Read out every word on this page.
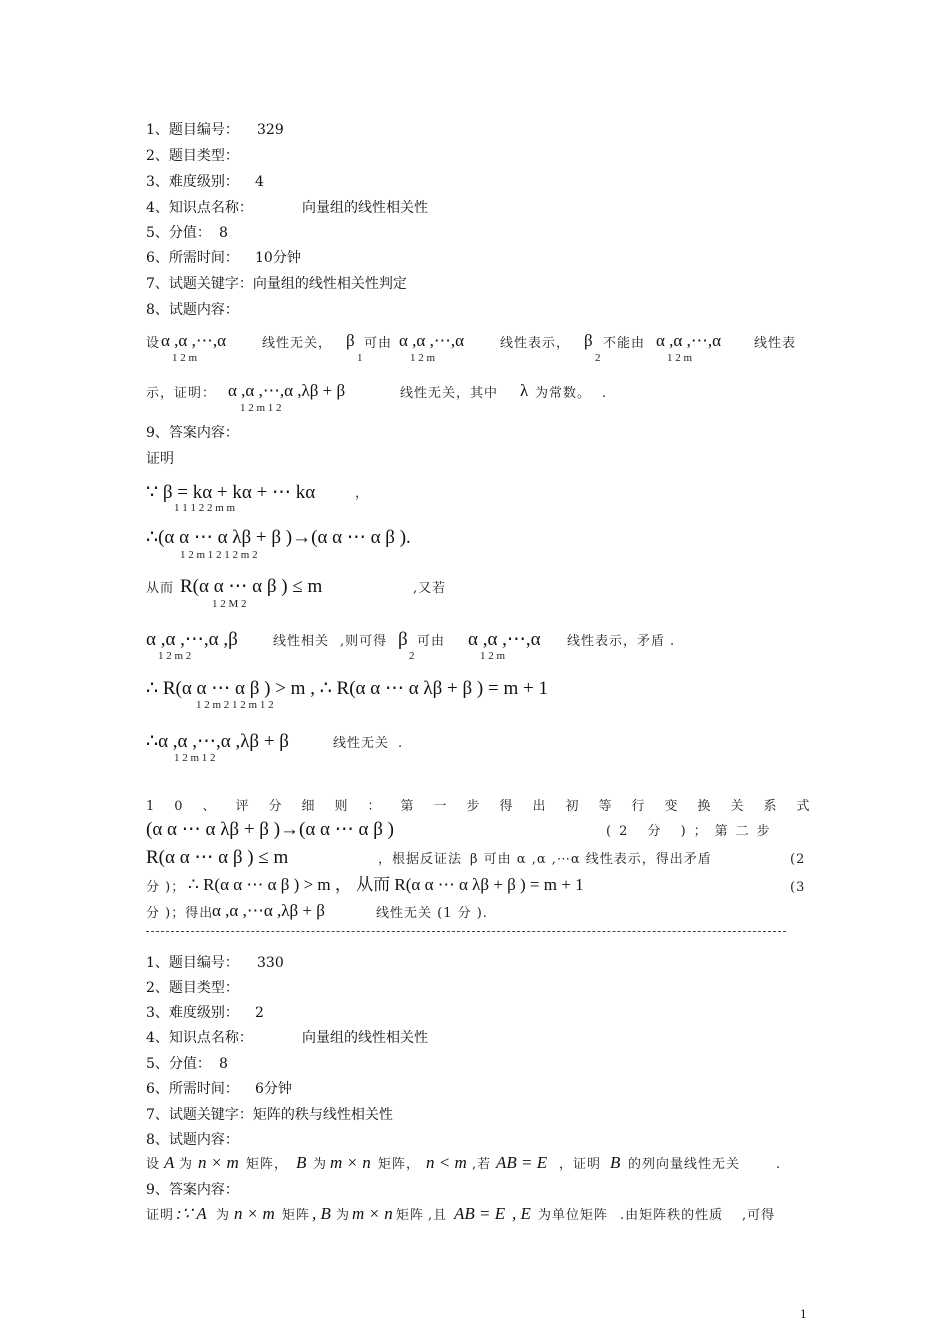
1、题目编号： 329
2、题目类型：
3、难度级别： 4
4、知识点名称：	向量组的线性相关性
5、分值： 8
6、所需时间： 10分钟
7、试题关键字：向量组的线性相关性判定
8、试题内容：
设 α ,α ,⋯,α
1 2 m
线性无关， β
1
可由 α ,α ,⋯,α
1 2 m
线性表示， β
2
不能由 α ,α ,⋯,α
1 2 m
线性表
示，证明： α ,α ,⋯,α ,λβ + β
1 2 m 1 2
线性无关，其中 λ 为常数。 .
9、答案内容：
证明
∵ β = kα + kα + ⋯ kα
1 1 1 2 2 m m
，
∴(α α ⋯ α λβ + β )→(α α ⋯ α β ).
1 2 m 1 2 1 2 m 2
从而 R(α α ⋯ α β ) ≤ m
1 2 M 2
,又若
α ,α ,⋯,α ,β
1 2 m 2
线性相关 ,则可得 β
2
可由 α ,α ,⋯,α
1 2 m
线性表示，矛盾 .
∴ R(α α ⋯ α β ) > m , ∴ R(α α ⋯ α λβ + β ) = m + 1
1 2 m 2 1 2 m 1 2
∴α ,α ,⋯,α ,λβ + β
1 2 m 1 2
线性无关 .
10、评分细则：第一步得出初等行变换关系式
(α α ⋯ α λβ + β )→(α α ⋯ α β )	(2 分 )；第二步
R(α α ⋯ α β ) ≤ m	，根据反证法 β 可由 α ,α ,⋯α 线性表示，得出矛盾	(2
分 )； ∴ R(α α ⋯ α β ) > m ， 从而 R(α α ⋯ α λβ + β ) = m + 1	(3
分 )；得出
α ,α ,⋯α ,λβ + β	线性无关 (1 分 ).
1、题目编号： 330
2、题目类型：
3、难度级别： 2
4、知识点名称：	向量组的线性相关性
5、分值： 8
6、所需时间： 6分钟
7、试题关键字：矩阵的秩与线性相关性
8、试题内容：
设 A 为 n × m 矩阵， B 为 m × n 矩阵， n < m ,若 AB = E ，证明 B 的列向量线性无关	.
9、答案内容：
证明 :∵ A 为 n × m 矩阵 , B 为 m × n 矩阵 ,且 AB = E , E 为单位矩阵 .由矩阵秩的性质 ,可得
1
